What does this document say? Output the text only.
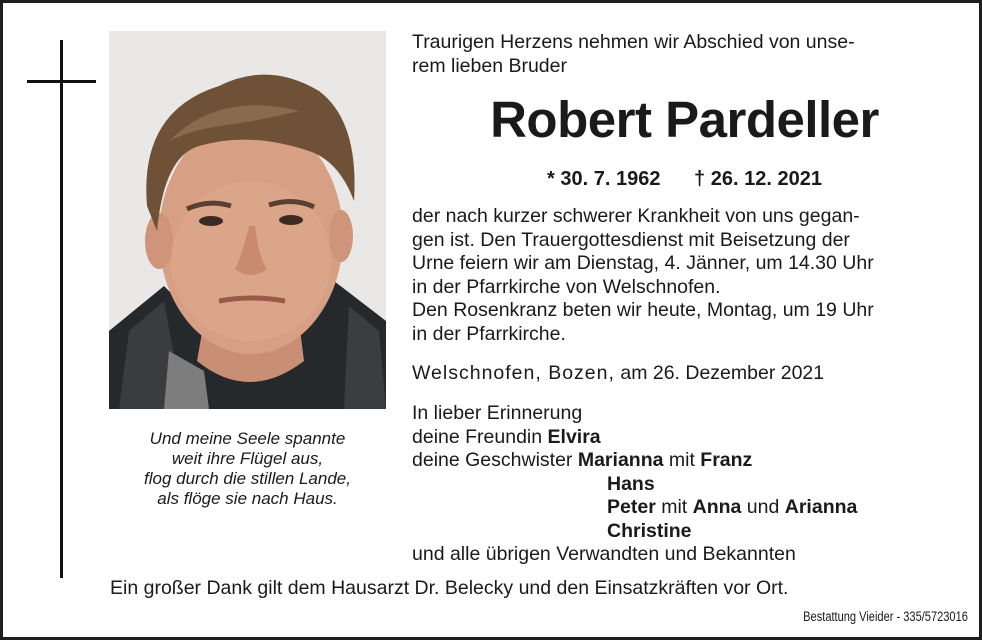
Und meine Seele spannte
weit ihre Flügel aus,
flog durch die stillen Lande,
als flöge sie nach Haus.
Traurigen Herzens nehmen wir Abschied von unse-
rem lieben Bruder
Robert Pardeller
* 30. 7. 1962 † 26. 12. 2021
der nach kurzer schwerer Krankheit von uns gegan-
gen ist. Den Trauergottesdienst mit Beisetzung der
Urne feiern wir am Dienstag, 4. Jänner, um 14.30 Uhr
in der Pfarrkirche von Welschnofen.
Den Rosenkranz beten wir heute, Montag, um 19 Uhr
in der Pfarrkirche.
Welschnofen, Bozen, am 26. Dezember 2021
In lieber Erinnerung
deine Freundin Elvira
deine Geschwister Marianna mit Franz
Hans
Peter mit Anna und Arianna
Christine
und alle übrigen Verwandten und Bekannten
Ein großer Dank gilt dem Hausarzt Dr. Belecky und den Einsatzkräften vor Ort.
Bestattung Vieider - 335/5723016
